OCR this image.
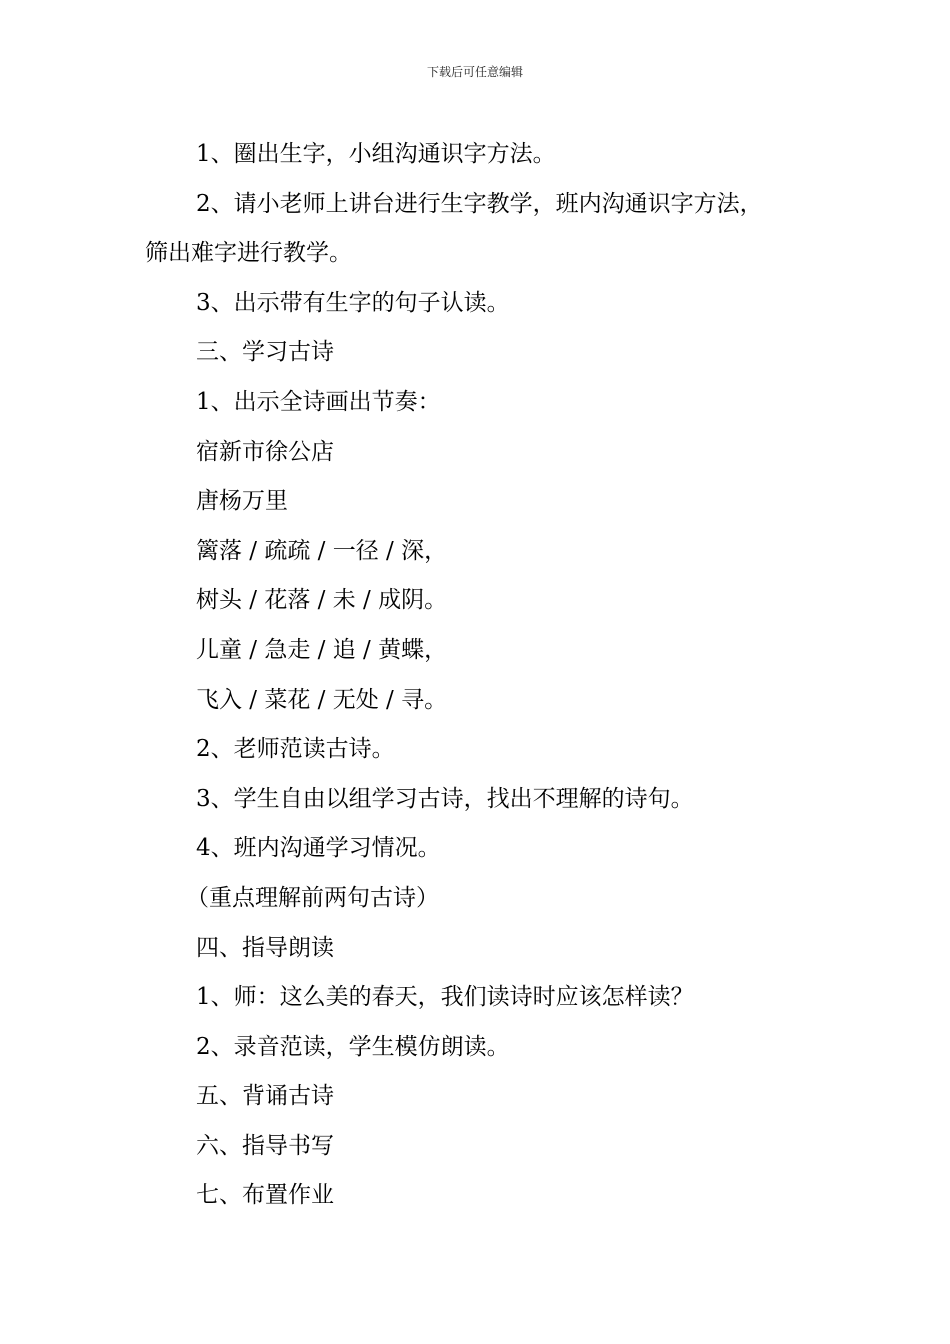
下载后可任意编辑
1、圈出生字，小组沟通识字方法。
2、请小老师上讲台进行生字教学，班内沟通识字方法，
筛出难字进行教学。
3、出示带有生字的句子认读。
三、学习古诗
1、出示全诗画出节奏：
宿新市徐公店
唐杨万里
篱落 / 疏疏 / 一径 / 深，
树头 / 花落 / 未 / 成阴。
儿童 / 急走 / 追 / 黄蝶，
飞入 / 菜花 / 无处 / 寻。
2、老师范读古诗。
3、学生自由以组学习古诗，找出不理解的诗句。
4、班内沟通学习情况。
（重点理解前两句古诗）
四、指导朗读
1、师：这么美的春天，我们读诗时应该怎样读？
2、录音范读，学生模仿朗读。
五、背诵古诗
六、指导书写
七、布置作业
